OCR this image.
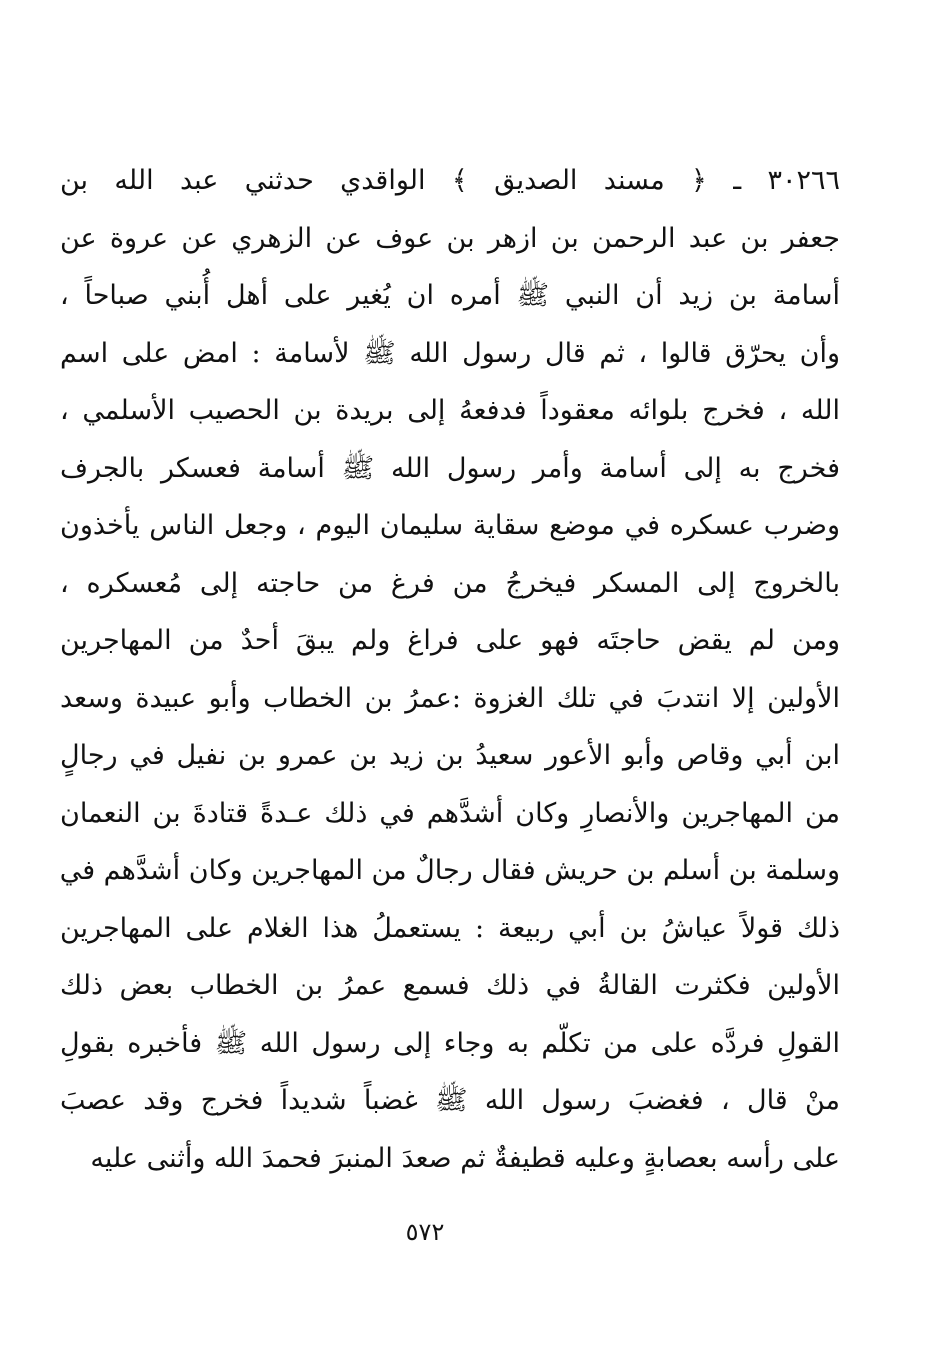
٣٠٢٦٦ ـ ﴿ مسند الصديق ﴾ الواقدي حدثني عبد الله بن
جعفر بن عبد الرحمن بن ازهر بن عوف عن الزهري عن عروة عن
أسامة بن زيد أن النبي ﷺ أمره ان يُغير على أهل أُبني صباحاً ،
وأن يحرّق قالوا ، ثم قال رسول الله ﷺ لأسامة : امض على اسم
الله ، فخرج بلوائه معقوداً فدفعهُ إلى بريدة بن الحصيب الأسلمي ،
فخرج به إلى أسامة وأمر رسول الله ﷺ أسامة فعسكر بالجرف
وضرب عسكره في موضع سقاية سليمان اليوم ، وجعل الناس يأخذون
بالخروج إلى المسكر فيخرجُ من فرغ من حاجته إلى مُعسكره ،
ومن لم يقض حاجتَه فهو على فراغ ولم يبقَ أحدٌ من المهاجرين
الأولين إلا انتدبَ في تلك الغزوة :عمرُ بن الخطاب وأبو عبيدة وسعد
ابن أبي وقاص وأبو الأعور سعيدُ بن زيد بن عمرو بن نفيل في رجالٍ
من المهاجرين والأنصارِ وكان أشدَّهم في ذلك عـدةً قتادةَ بن النعمان
وسلمة بن أسلم بن حريش فقال رجالٌ من المهاجرين وكان أشدَّهم في
ذلك قولاً عياشُ بن أبي ربيعة : يستعملُ هذا الغلام على المهاجرين
الأولين فكثرت القالةُ في ذلك فسمع عمرُ بن الخطاب بعض ذلك
القولِ فردَّه على من تكلّم به وجاء إلى رسول الله ﷺ فأخبره بقولِ
منْ قال ، فغضبَ رسول الله ﷺ غضباً شديداً فخرج وقد عصبَ
على رأسه بعصابةٍ وعليه قطيفةٌ ثم صعدَ المنبرَ فحمدَ الله وأثنى عليه
٥٧٢
